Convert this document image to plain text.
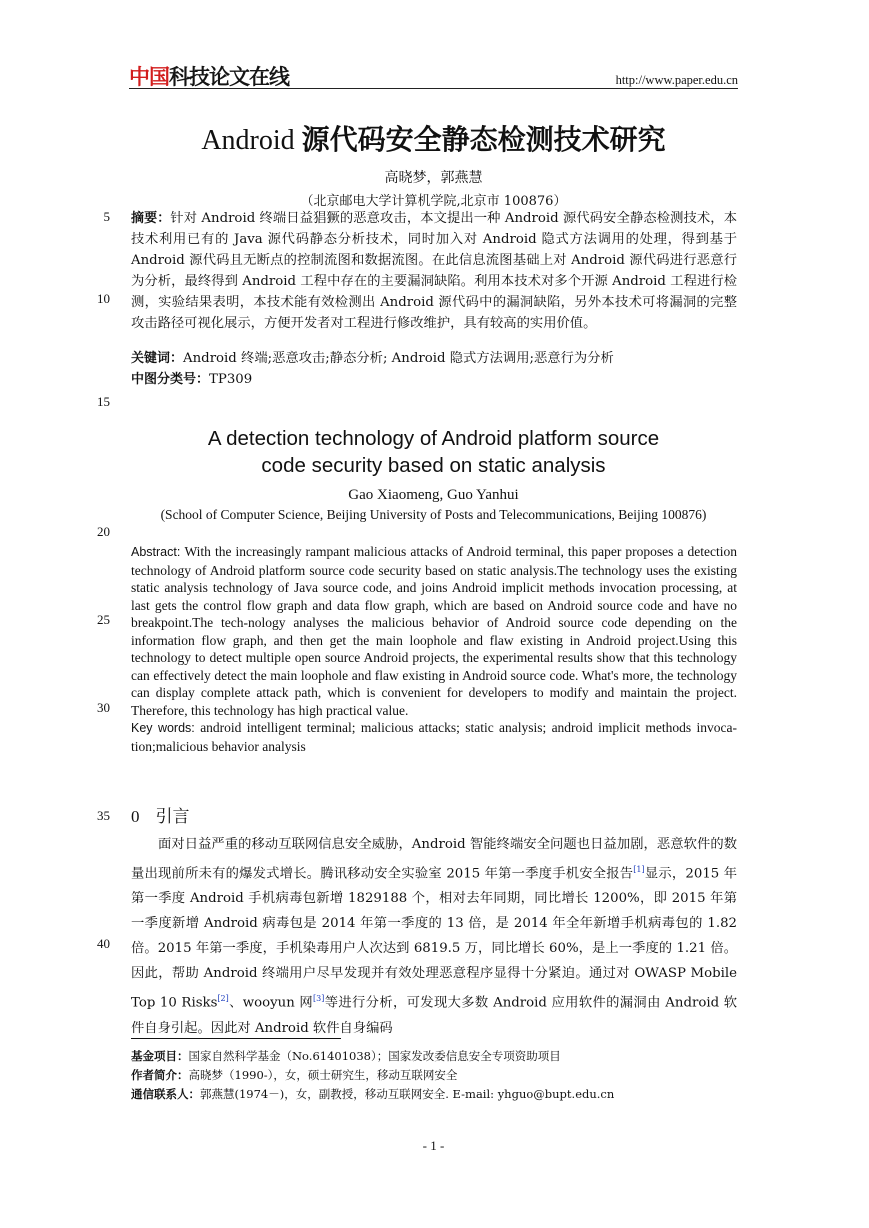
中国科技论文在线	http://www.paper.edu.cn
Android 源代码安全静态检测技术研究
高晓梦，郭燕慧
（北京邮电大学计算机学院,北京市 100876）
摘要：针对 Android 终端日益猖獗的恶意攻击，本文提出一种 Android 源代码安全静态检测技术，本技术利用已有的 Java 源代码静态分析技术，同时加入对 Android 隐式方法调用的处理，得到基于 Android 源代码且无断点的控制流图和数据流图。在此信息流图基础上对 Android 源代码进行恶意行为分析，最终得到 Android 工程中存在的主要漏洞缺陷。利用本技术对多个开源 Android 工程进行检测，实验结果表明，本技术能有效检测出 Android 源代码中的漏洞缺陷，另外本技术可将漏洞的完整攻击路径可视化展示，方便开发者对工程进行修改维护，具有较高的实用价值。
关键词：Android 终端;恶意攻击;静态分析; Android 隐式方法调用;恶意行为分析
中图分类号：TP309
A detection technology of Android platform source code security based on static analysis
Gao Xiaomeng, Guo Yanhui
(School of Computer Science, Beijing University of Posts and Telecommunications, Beijing 100876)
Abstract: With the increasingly rampant malicious attacks of Android terminal, this paper proposes a detection technology of Android platform source code security based on static analysis.The technology uses the existing static analysis technology of Java source code, and joins Android implicit methods invocation processing, at last gets the control flow graph and data flow graph, which are based on Android source code and have no breakpoint.The tech-nology analyses the malicious behavior of Android source code depending on the information flow graph, and then get the main loophole and flaw existing in Android project.Using this technology to detect multiple open source Android projects, the experimental results show that this technology can effectively detect the main loophole and flaw existing in Android source code. What's more, the technology can display complete attack path, which is convenient for developers to modify and maintain the project. Therefore, this technology has high practical value.
Key words: android intelligent terminal; malicious attacks; static analysis; android implicit methods invoca-tion;malicious behavior analysis
0 引言
面对日益严重的移动互联网信息安全威胁，Android 智能终端安全问题也日益加剧，恶意软件的数量出现前所未有的爆发式增长。腾讯移动安全实验室 2015 年第一季度手机安全报告[1]显示，2015 年第一季度 Android 手机病毒包新增 1829188 个，相对去年同期，同比增长 1200%，即 2015 年第一季度新增 Android 病毒包是 2014 年第一季度的 13 倍，是 2014 年全年新增手机病毒包的 1.82 倍。2015 年第一季度，手机染毒用户人次达到 6819.5 万，同比增长 60%，是上一季度的 1.21 倍。因此，帮助 Android 终端用户尽早发现并有效处理恶意程序显得十分紧迫。通过对 OWASP Mobile Top 10 Risks[2]、wooyun 网[3]等进行分析，可发现大多数 Android 应用软件的漏洞由 Android 软件自身引起。因此对 Android 软件自身编码
基金项目：国家自然科学基金（No.61401038）；国家发改委信息安全专项资助项目
作者简介：高晓梦（1990-），女，硕士研究生，移动互联网安全
通信联系人：郭燕慧(1974－)，女，副教授，移动互联网安全. E-mail: yhguo@bupt.edu.cn
5
10
15
20
25
30
35
40
- 1 -
